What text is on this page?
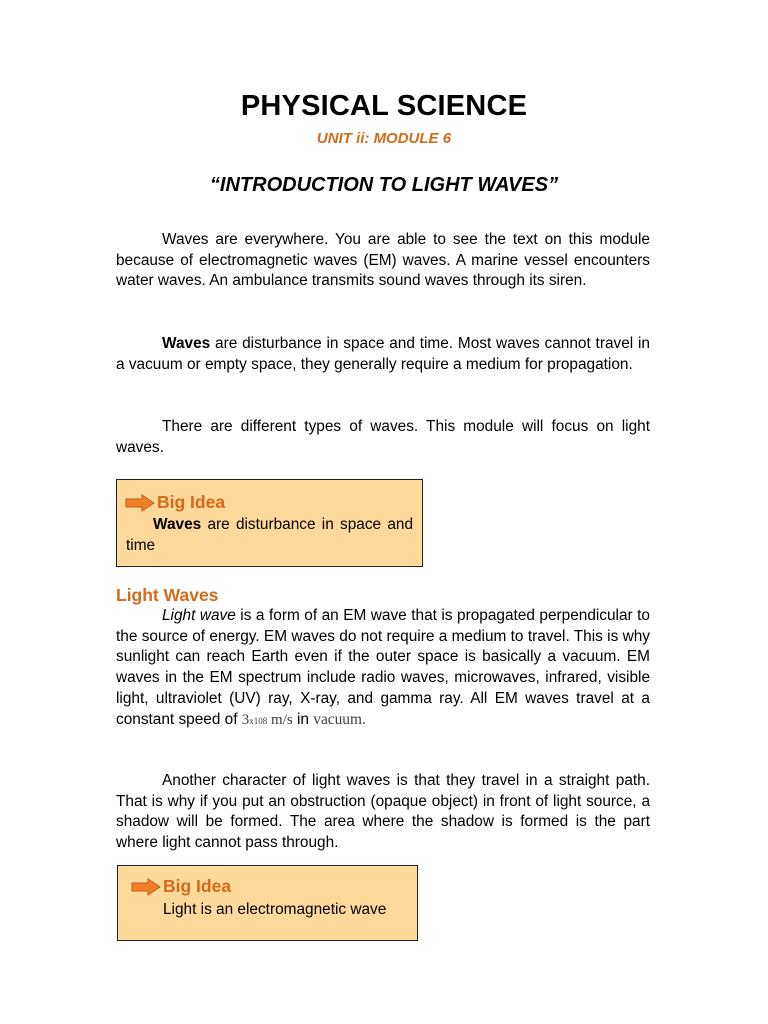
PHYSICAL SCIENCE
UNIT ii: MODULE 6
“INTRODUCTION TO LIGHT WAVES”

Waves are everywhere. You are able to see the text on this module because of electromagnetic waves (EM) waves. A marine vessel encounters water waves. An ambulance transmits sound waves through its siren.

Waves are disturbance in space and time. Most waves cannot travel in a vacuum or empty space, they generally require a medium for propagation.

There are different types of waves. This module will focus on light waves.

Big Idea
Waves are disturbance in space and time
Light Waves

Light wave is a form of an EM wave that is propagated perpendicular to the source of energy. EM waves do not require a medium to travel. This is why sunlight can reach Earth even if the outer space is basically a vacuum. EM waves in the EM spectrum include radio waves, microwaves, infrared, visible light, ultraviolet (UV) ray, X-ray, and gamma ray. All EM waves travel at a constant speed of 3x108 m/s in vacuum.

Another character of light waves is that they travel in a straight path. That is why if you put an obstruction (opaque object) in front of light source, a shadow will be formed. The area where the shadow is formed is the part where light cannot pass through.

Big Idea
Light is an electromagnetic wave
